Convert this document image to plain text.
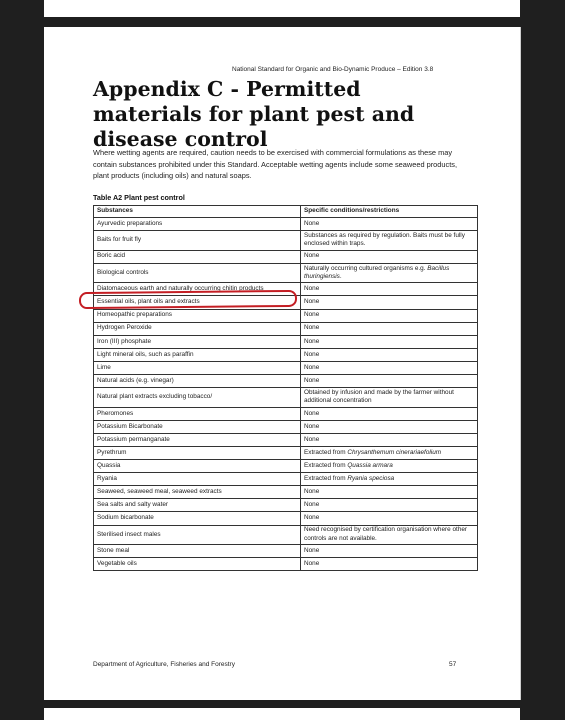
National Standard for Organic and Bio-Dynamic Produce – Edition 3.8
Appendix C - Permitted materials for plant pest and disease control

Where wetting agents are required, caution needs to be exercised with commercial formulations as these may contain substances prohibited under this Standard. Acceptable wetting agents include some seaweed products, plant products (including oils) and natural soaps.

Table A2 Plant pest control
Substances	Specific conditions/restrictions
Ayurvedic preparations	None
Baits for fruit fly	Substances as required by regulation. Baits must be fully enclosed within traps.
Boric acid	None
Biological controls	Naturally occurring cultured organisms e.g. Bacillus thuringiensis.
Diatomaceous earth and naturally occurring chitin products	None
Essential oils, plant oils and extracts	None
Homeopathic preparations	None
Hydrogen Peroxide	None
Iron (III) phosphate	None
Light mineral oils, such as paraffin	None
Lime	None
Natural acids (e.g. vinegar)	None
Natural plant extracts excluding tobacco/	Obtained by infusion and made by the farmer without additional concentration
Pheromones	None
Potassium Bicarbonate	None
Potassium permanganate	None
Pyrethrum	Extracted from Chrysanthemum cinerariaefolium
Quassia	Extracted from Quassia armara
Ryania	Extracted from Ryania speciosa
Seaweed, seaweed meal, seaweed extracts	None
Sea salts and salty water	None
Sodium bicarbonate	None
Sterilised insect males	Need recognised by certification organisation where other controls are not available.
Stone meal	None
Vegetable oils	None
Department of Agriculture, Fisheries and Forestry	57
